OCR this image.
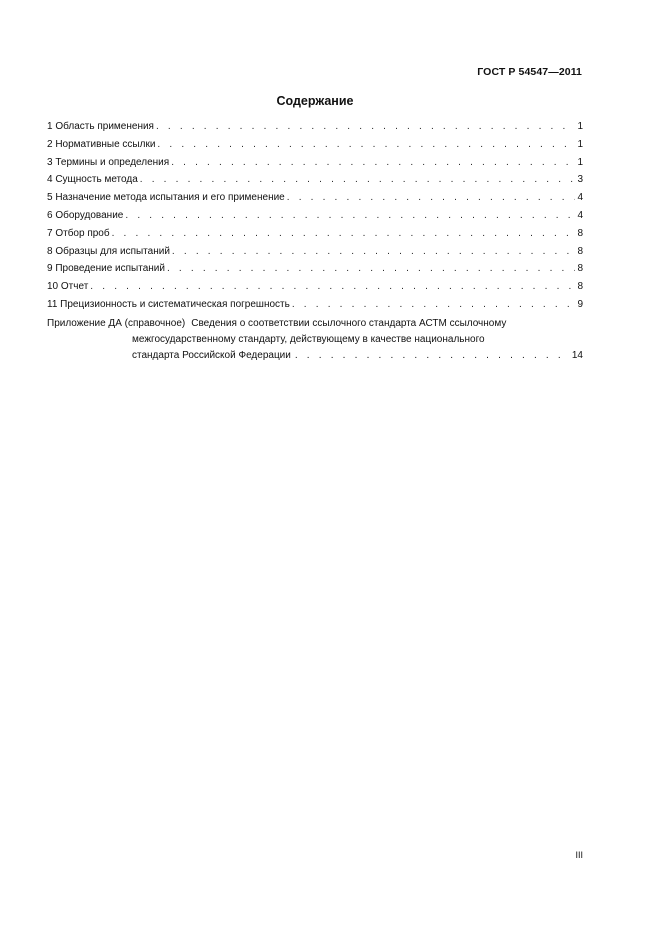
ГОСТ Р 54547—2011
Содержание
1 Область применения . . .	1
2 Нормативные ссылки . . .	1
3 Термины и определения . . .	1
4 Сущность метода . . .	3
5 Назначение метода испытания и его применение . . .	4
6 Оборудование . . .	4
7 Отбор проб . . .	8
8 Образцы для испытаний . . .	8
9 Проведение испытаний . . .	8
10 Отчет . . .	8
11 Прецизионность и систематическая погрешность . . .	9
Приложение ДА (справочное) Сведения о соответствии ссылочного стандарта АСТМ ссылочному
межгосударственному стандарту, действующему в качестве национального
стандарта Российской Федерации . . .	14
III
